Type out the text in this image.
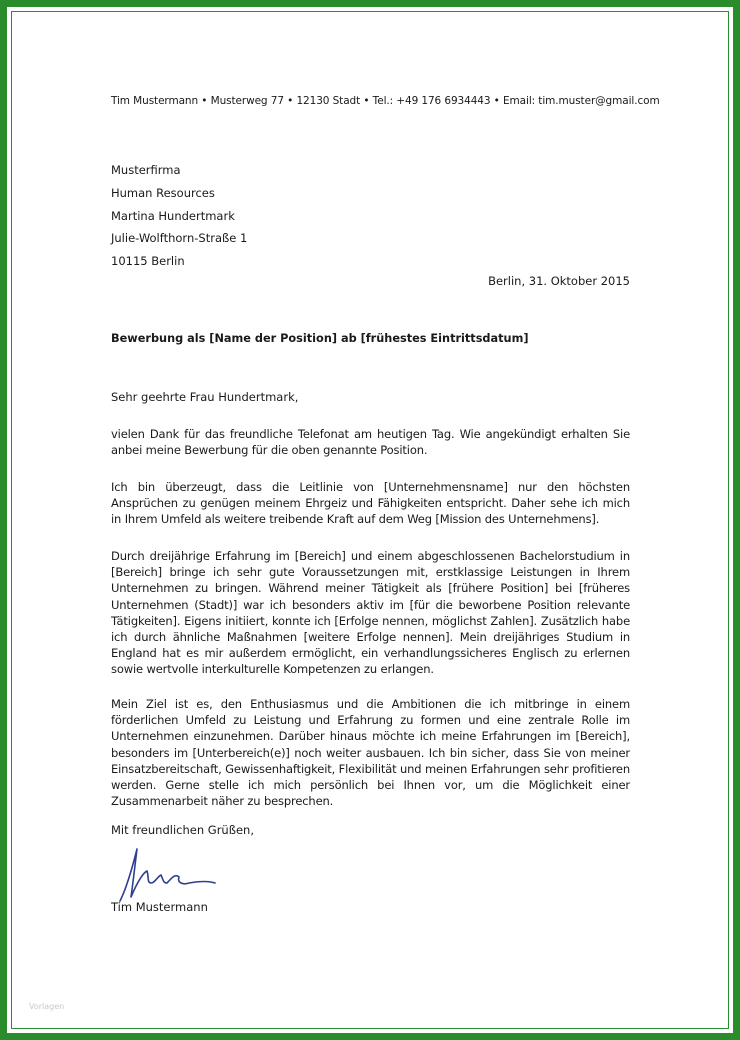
Tim Mustermann • Musterweg 77 • 12130 Stadt • Tel.: +49 176 6934443 • Email: tim.muster@gmail.com
Musterfirma
Human Resources
Martina Hundertmark
Julie-Wolfthorn-Straße 1
10115 Berlin
Berlin, 31. Oktober 2015
Bewerbung als [Name der Position] ab [frühestes Eintrittsdatum]
Sehr geehrte Frau Hundertmark,
vielen Dank für das freundliche Telefonat am heutigen Tag. Wie angekündigt erhalten Sie anbei meine Bewerbung für die oben genannte Position.
Ich bin überzeugt, dass die Leitlinie von [Unternehmensname] nur den höchsten Ansprüchen zu genügen meinem Ehrgeiz und Fähigkeiten entspricht. Daher sehe ich mich in Ihrem Umfeld als weitere treibende Kraft auf dem Weg [Mission des Unternehmens].
Durch dreijährige Erfahrung im [Bereich] und einem abgeschlossenen Bachelorstudium in [Bereich] bringe ich sehr gute Voraussetzungen mit, erstklassige Leistungen in Ihrem Unternehmen zu bringen. Während meiner Tätigkeit als [frühere Position] bei [früheres Unternehmen (Stadt)] war ich besonders aktiv im [für die beworbene Position relevante Tätigkeiten]. Eigens initiiert, konnte ich [Erfolge nennen, möglichst Zahlen]. Zusätzlich habe ich durch ähnliche Maßnahmen [weitere Erfolge nennen]. Mein dreijähriges Studium in England hat es mir außerdem ermöglicht, ein verhandlungssicheres Englisch zu erlernen sowie wertvolle interkulturelle Kompetenzen zu erlangen.
Mein Ziel ist es, den Enthusiasmus und die Ambitionen die ich mitbringe in einem förderlichen Umfeld zu Leistung und Erfahrung zu formen und eine zentrale Rolle im Unternehmen einzunehmen. Darüber hinaus möchte ich meine Erfahrungen im [Bereich], besonders im [Unterbereich(e)] noch weiter ausbauen. Ich bin sicher, dass Sie von meiner Einsatzbereitschaft, Gewissenhaftigkeit, Flexibilität und meinen Erfahrungen sehr profitieren werden. Gerne stelle ich mich persönlich bei Ihnen vor, um die Möglichkeit einer Zusammenarbeit näher zu besprechen.
Mit freundlichen Grüßen,
Tim Mustermann
Vorlagen
